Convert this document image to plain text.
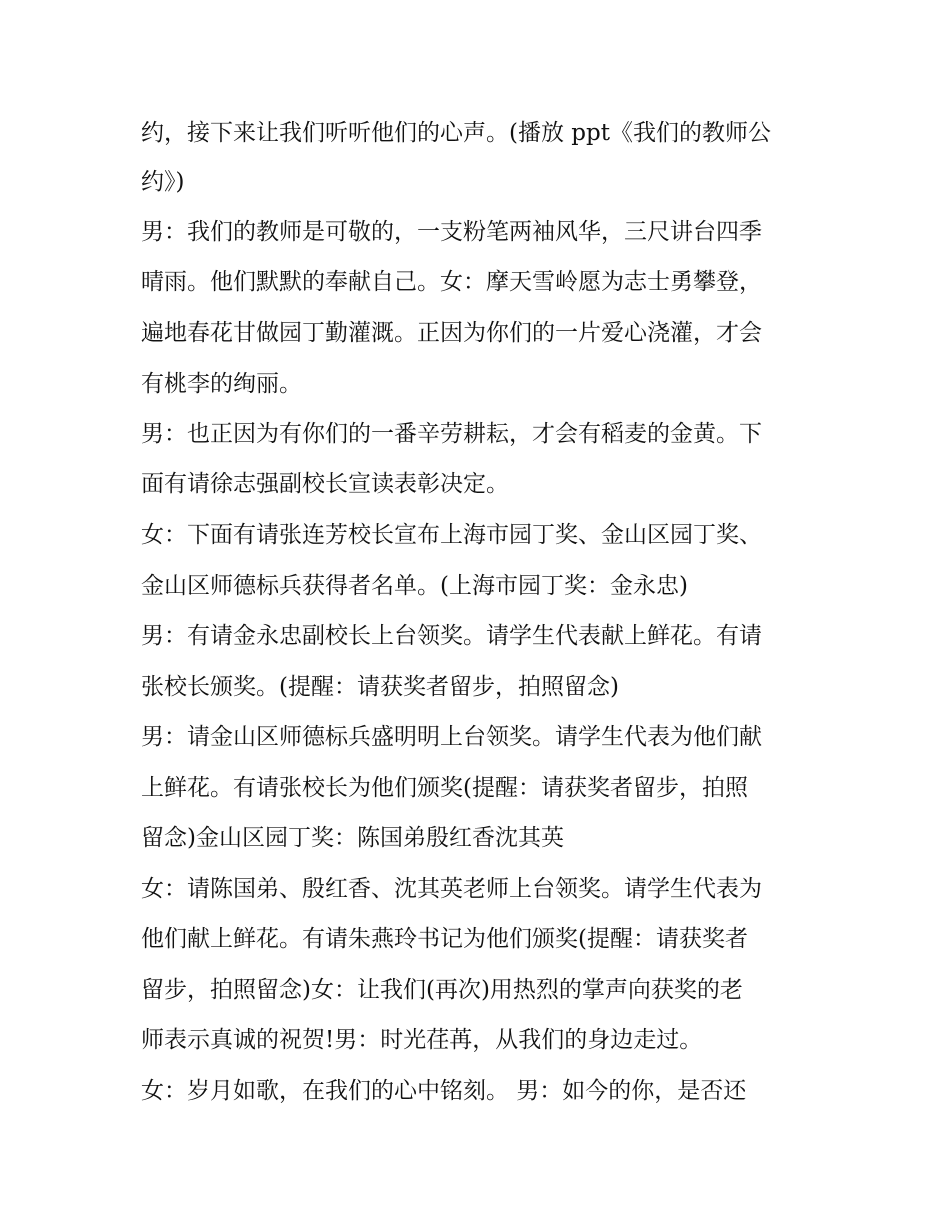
约，接下来让我们听听他们的心声。(播放 ppt《我们的教师公
约》)
男：我们的教师是可敬的，一支粉笔两袖风华，三尺讲台四季
晴雨。他们默默的奉献自己。女：摩天雪岭愿为志士勇攀登，
遍地春花甘做园丁勤灌溉。正因为你们的一片爱心浇灌，才会
有桃李的绚丽。
男：也正因为有你们的一番辛劳耕耘，才会有稻麦的金黄。下
面有请徐志强副校长宣读表彰决定。
女：下面有请张连芳校长宣布上海市园丁奖、金山区园丁奖、
金山区师德标兵获得者名单。(上海市园丁奖：金永忠)
男：有请金永忠副校长上台领奖。请学生代表献上鲜花。有请
张校长颁奖。(提醒：请获奖者留步，拍照留念)
男：请金山区师德标兵盛明明上台领奖。请学生代表为他们献
上鲜花。有请张校长为他们颁奖(提醒：请获奖者留步，拍照
留念)金山区园丁奖：陈国弟殷红香沈其英
女：请陈国弟、殷红香、沈其英老师上台领奖。请学生代表为
他们献上鲜花。有请朱燕玲书记为他们颁奖(提醒：请获奖者
留步，拍照留念)女：让我们(再次)用热烈的掌声向获奖的老
师表示真诚的祝贺!男：时光荏苒，从我们的身边走过。
女：岁月如歌，在我们的心中铭刻。 男：如今的你，是否还
